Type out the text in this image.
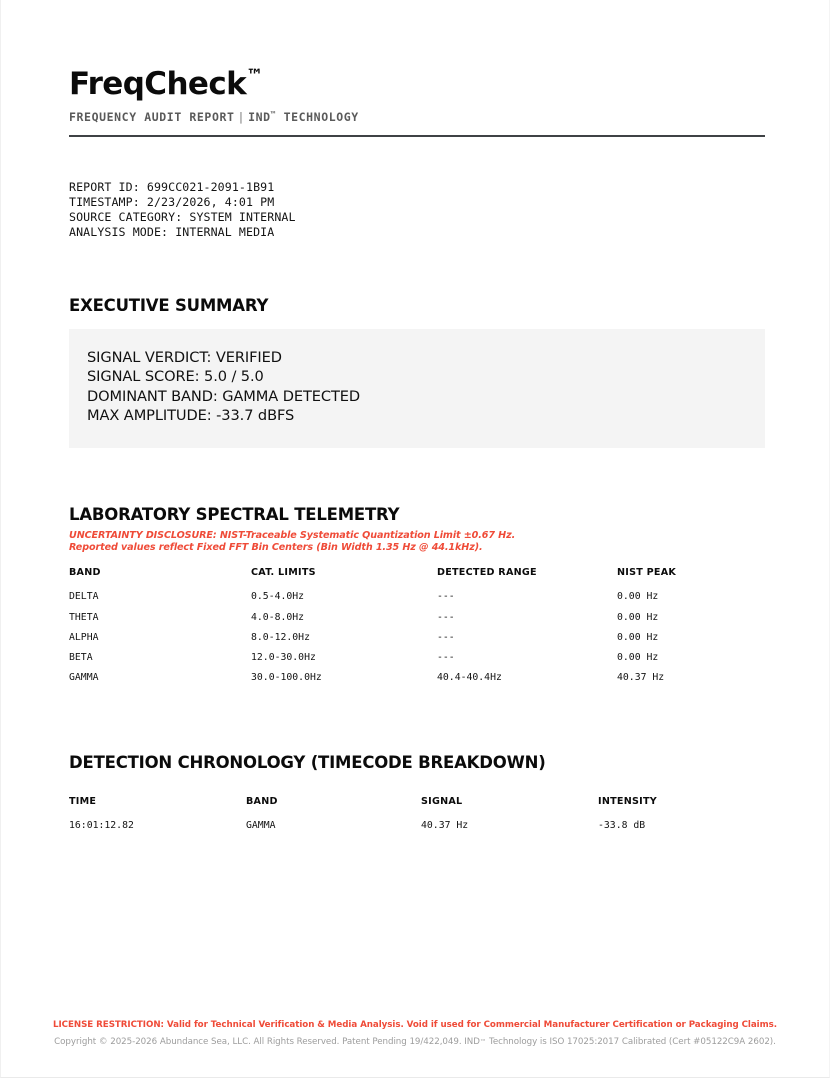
FreqCheck™
FREQUENCY AUDIT REPORT | IND™ TECHNOLOGY
REPORT ID: 699CC021-2091-1B91
TIMESTAMP: 2/23/2026, 4:01 PM
SOURCE CATEGORY: SYSTEM INTERNAL
ANALYSIS MODE: INTERNAL MEDIA
EXECUTIVE SUMMARY
SIGNAL VERDICT: VERIFIED
SIGNAL SCORE: 5.0 / 5.0
DOMINANT BAND: GAMMA DETECTED
MAX AMPLITUDE: -33.7 dBFS
LABORATORY SPECTRAL TELEMETRY
UNCERTAINTY DISCLOSURE: NIST-Traceable Systematic Quantization Limit ±0.67 Hz.
Reported values reflect Fixed FFT Bin Centers (Bin Width 1.35 Hz @ 44.1kHz).
BAND	CAT. LIMITS	DETECTED RANGE	NIST PEAK
DELTA	0.5-4.0Hz	---	0.00 Hz
THETA	4.0-8.0Hz	---	0.00 Hz
ALPHA	8.0-12.0Hz	---	0.00 Hz
BETA	12.0-30.0Hz	---	0.00 Hz
GAMMA	30.0-100.0Hz	40.4-40.4Hz	40.37 Hz
DETECTION CHRONOLOGY (TIMECODE BREAKDOWN)
TIME	BAND	SIGNAL	INTENSITY
16:01:12.82	GAMMA	40.37 Hz	-33.8 dB
LICENSE RESTRICTION: Valid for Technical Verification & Media Analysis. Void if used for Commercial Manufacturer Certification or Packaging Claims.
Copyright © 2025-2026 Abundance Sea, LLC. All Rights Reserved. Patent Pending 19/422,049. IND™ Technology is ISO 17025:2017 Calibrated (Cert #05122C9A 2602).
